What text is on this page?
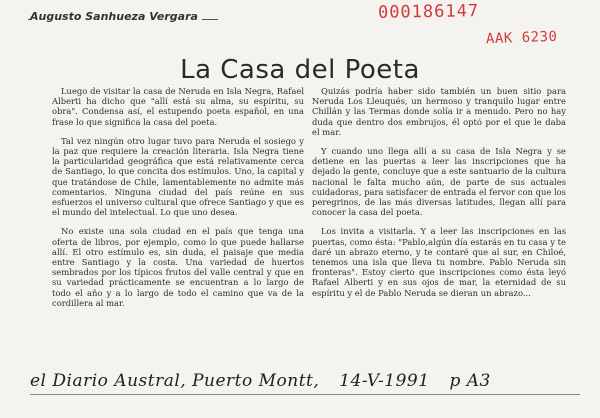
Augusto Sanhueza Vergara	000186147
AAK 6230
La Casa del Poeta

Luego de visitar la casa de Neruda en Isla Negra, Rafael Alberti ha dicho que "allí está su alma, su espíritu, su obra". Condensa así, el estupendo poeta español, en una frase lo que significa la casa del poeta.

Tal vez ningún otro lugar tuvo para Neruda el sosiego y la paz que requiere la creación literaria. Isla Negra tiene la particularidad geográfica que está relativamente cerca de Santiago, lo que concita dos estímulos. Uno, la capital y que tratándose de Chile, lamentablemente no admite más comentarios. Ninguna ciudad del país reúne en sus esfuerzos el universo cultural que ofrece Santiago y que es el mundo del intelectual. Lo que uno desea.

No existe una sola ciudad en el país que tenga una oferta de libros, por ejemplo, como lo que puede hallarse allí. El otro estímulo es, sin duda, el paisaje que media entre Santiago y la costa. Una variedad de huertos sembrados por los típicos frutos del valle central y que en su variedad prácticamente se encuentran a lo largo de todo el año y a lo largo de todo el camino que va de la cordillera al mar.

Quizás podría haber sido también un buen sitio para Neruda Los Lleuqués, un hermoso y tranquilo lugar entre Chillán y las Termas donde solía ir a menudo. Pero no hay duda que dentro dos embrujos, él optó por el que le daba el mar.

Y cuando uno llega allí a su casa de Isla Negra y se detiene en las puertas a leer las inscripciones que ha dejado la gente, concluye que a este santuario de la cultura nacional le falta mucho aún, de parte de sus actuales cuidadoras, para satisfacer de entrada el fervor con que los peregrinos, de las más diversas latitudes, llegan allí para conocer la casa del poeta.

Los invita a visitarla. Y a leer las inscripciones en las puertas, como ésta: "Pablo,algún día estarás en tu casa y te daré un abrazo eterno, y te contaré que al sur, en Chiloé, tenemos una isla que lleva tu nombre. Pablo Neruda sin fronteras". Estoy cierto que inscripciones como ésta leyó Rafael Alberti y en sus ojos de mar, la eternidad de su espíritu y el de Pablo Neruda se dieran un abrazo...

el Diario Austral, Puerto Montt, 14-V-1991 p A3
